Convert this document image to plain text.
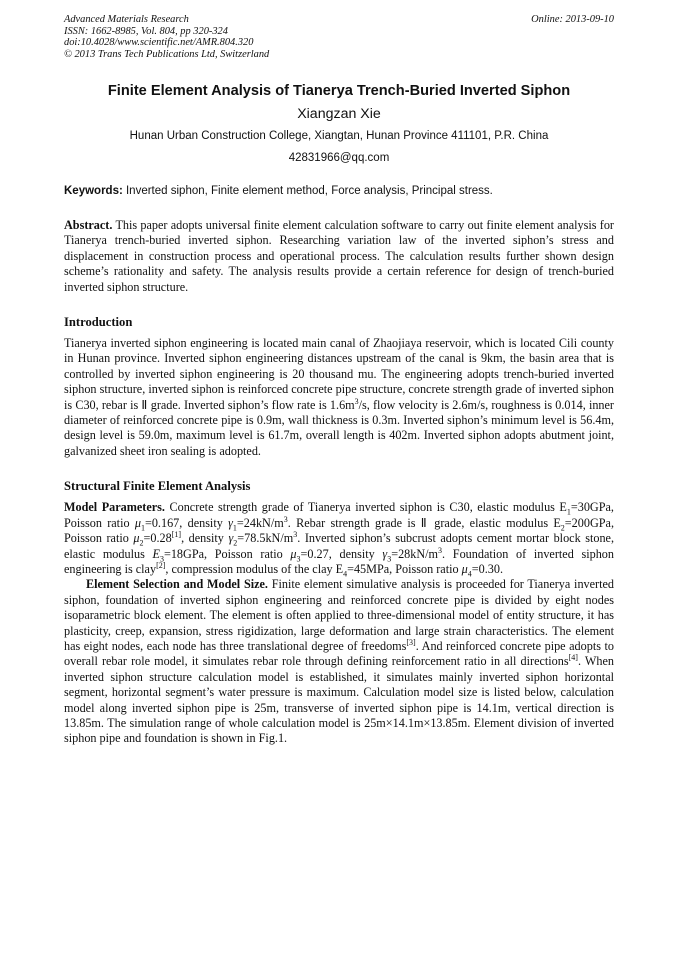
Advanced Materials Research
ISSN: 1662-8985, Vol. 804, pp 320-324
doi:10.4028/www.scientific.net/AMR.804.320
© 2013 Trans Tech Publications Ltd, Switzerland
Online: 2013-09-10
Finite Element Analysis of Tianerya Trench-Buried Inverted Siphon
Xiangzan Xie
Hunan Urban Construction College, Xiangtan, Hunan Province 411101, P.R. China
42831966@qq.com
Keywords: Inverted siphon, Finite element method, Force analysis, Principal stress.
Abstract. This paper adopts universal finite element calculation software to carry out finite element analysis for Tianerya trench-buried inverted siphon. Researching variation law of the inverted siphon’s stress and displacement in construction process and operational process. The calculation results further shown design scheme’s rationality and safety. The analysis results provide a certain reference for design of trench-buried inverted siphon structure.
Introduction
Tianerya inverted siphon engineering is located main canal of Zhaojiaya reservoir, which is located Cili county in Hunan province. Inverted siphon engineering distances upstream of the canal is 9km, the basin area that is controlled by inverted siphon engineering is 20 thousand mu. The engineering adopts trench-buried inverted siphon structure, inverted siphon is reinforced concrete pipe structure, concrete strength grade of inverted siphon is C30, rebar is Ⅱ grade. Inverted siphon’s flow rate is $1.6m^3/s$, flow velocity is 2.6m/s, roughness is 0.014, inner diameter of reinforced concrete pipe is 0.9m, wall thickness is 0.3m. Inverted siphon’s minimum level is 56.4m, design level is 59.0m, maximum level is 61.7m, overall length is 402m. Inverted siphon adopts abutment joint, galvanized sheet iron sealing is adopted.
Structural Finite Element Analysis
Model Parameters. Concrete strength grade of Tianerya inverted siphon is C30, elastic modulus $E_1=30GPa$, Poisson ratio $\mu_1=0.167$, density $\gamma_1=24kN/m^3$. Rebar strength grade is Ⅱ grade, elastic modulus $E_2=200GPa$, Poisson ratio $\mu_2=0.28[1]$, density $\gamma_2=78.5kN/m^3$. Inverted siphon’s subcrust adopts cement mortar block stone, elastic modulus $E_3=18GPa$, Poisson ratio $\mu_3=0.27$, density $\gamma_3=28kN/m^3$. Foundation of inverted siphon engineering is clay[2], compression modulus of the clay $E_4=45MPa$, Poisson ratio $\mu_4=0.30$.
Element Selection and Model Size. Finite element simulative analysis is proceeded for Tianerya inverted siphon, foundation of inverted siphon engineering and reinforced concrete pipe is divided by eight nodes isoparametric block element. The element is often applied to three-dimensional model of entity structure, it has plasticity, creep, expansion, stress rigidization, large deformation and large strain characteristics. The element has eight nodes, each node has three translational degree of freedoms[3]. And reinforced concrete pipe adopts to overall rebar role model, it simulates rebar role through defining reinforcement ratio in all directions[4]. When inverted siphon structure calculation model is established, it simulates mainly inverted siphon horizontal segment, horizontal segment’s water pressure is maximum. Calculation model size is listed below, calculation model along inverted siphon pipe is 25m, transverse of inverted siphon pipe is 14.1m, vertical direction is 13.85m. The simulation range of whole calculation model is 25m×14.1m×13.85m. Element division of inverted siphon pipe and foundation is shown in Fig.1.
